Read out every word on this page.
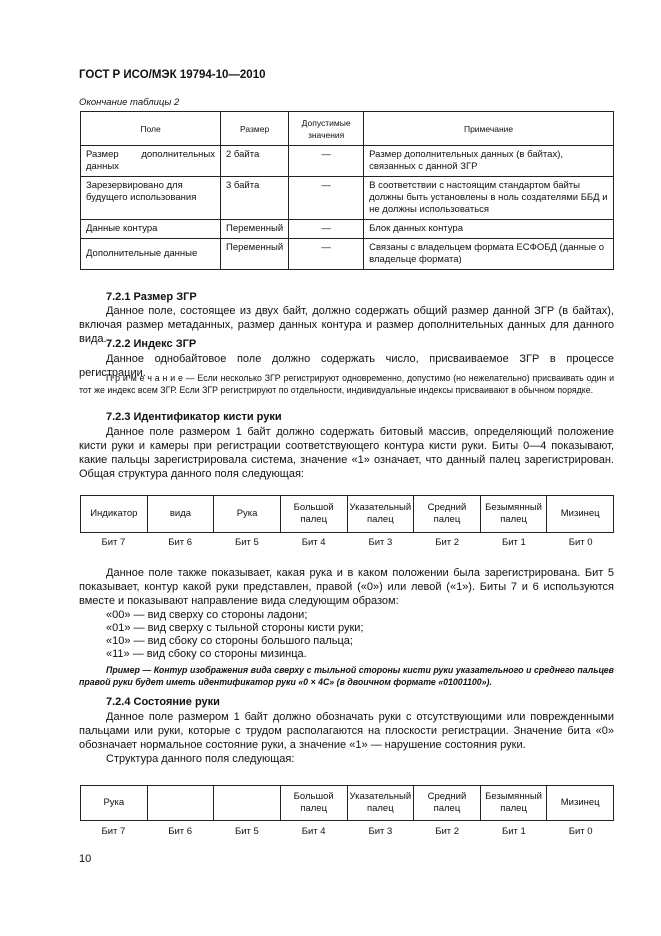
ГОСТ Р ИСО/МЭК 19794-10—2010
Окончание таблицы 2
Поле	Размер	Допустимые значения	Примечание
Размер дополнительных данных	2 байта	—	Размер дополнительных данных (в байтах), связанных с данной ЗГР
Зарезервировано для будущего использования	3 байта	—	В соответствии с настоящим стандартом байты должны быть установлены в ноль создателями ББД и не должны использоваться
Данные контура	Переменный	—	Блок данных контура
Дополнительные данные	Переменный	—	Связаны с владельцем формата ЕСФОБД (данные о владельце формата)
7.2.1 Размер ЗГР
Данное поле, состоящее из двух байт, должно содержать общий размер данной ЗГР (в байтах), включая размер метаданных, размер данных контура и размер дополнительных данных для данного вида. 7.2.2 Индекс ЗГР
Данное однобайтовое поле должно содержать число, присваиваемое ЗГР в процессе регистрации.
П р и м е ч а н и е — Если несколько ЗГР регистрируют одновременно, допустимо (но нежелательно) присваивать один и тот же индекс всем ЗГР. Если ЗГР регистрируют по отдельности, индивидуальные индексы присваивают в обычном порядке.
7.2.3 Идентификатор кисти руки
Данное поле размером 1 байт должно содержать битовый массив, определяющий положение кисти руки и камеры при регистрации соответствующего контура кисти руки. Биты 0—4 показывают, какие пальцы зарегистрировала система, значение «1» означает, что данный палец зарегистрирован. Общая структура данного поля следующая:
Индикатор	вида	Рука	Большой палец	Указательный палец	Средний палец	Безымянный палец	Мизинец
Бит 7	Бит 6	Бит 5	Бит 4	Бит 3	Бит 2	Бит 1	Бит 0
Данное поле также показывает, какая рука и в каком положении была зарегистрирована. Бит 5 показывает, контур какой руки представлен, правой («0») или левой («1»). Биты 7 и 6 используются вместе и показывают направление вида следующим образом:
«00» — вид сверху со стороны ладони;
«01» — вид сверху с тыльной стороны кисти руки;
«10» — вид сбоку со стороны большого пальца;
«11» — вид сбоку со стороны мизинца.
Пример — Контур изображения вида сверху с тыльной стороны кисти руки указательного и среднего пальцев правой руки будет иметь идентификатор руки «0 × 4С» (в двоичном формате «01001100»).
7.2.4 Состояние руки
Данное поле размером 1 байт должно обозначать руки с отсутствующими или поврежденными пальцами или руки, которые с трудом располагаются на плоскости регистрации. Значение бита «0» обозначает нормальное состояние руки, а значение «1» — нарушение состояния руки.
Структура данного поля следующая:
Рука			Большой палец	Указательный палец	Средний палец	Безымянный палец	Мизинец
Бит 7	Бит 6	Бит 5	Бит 4	Бит 3	Бит 2	Бит 1	Бит 0
10
